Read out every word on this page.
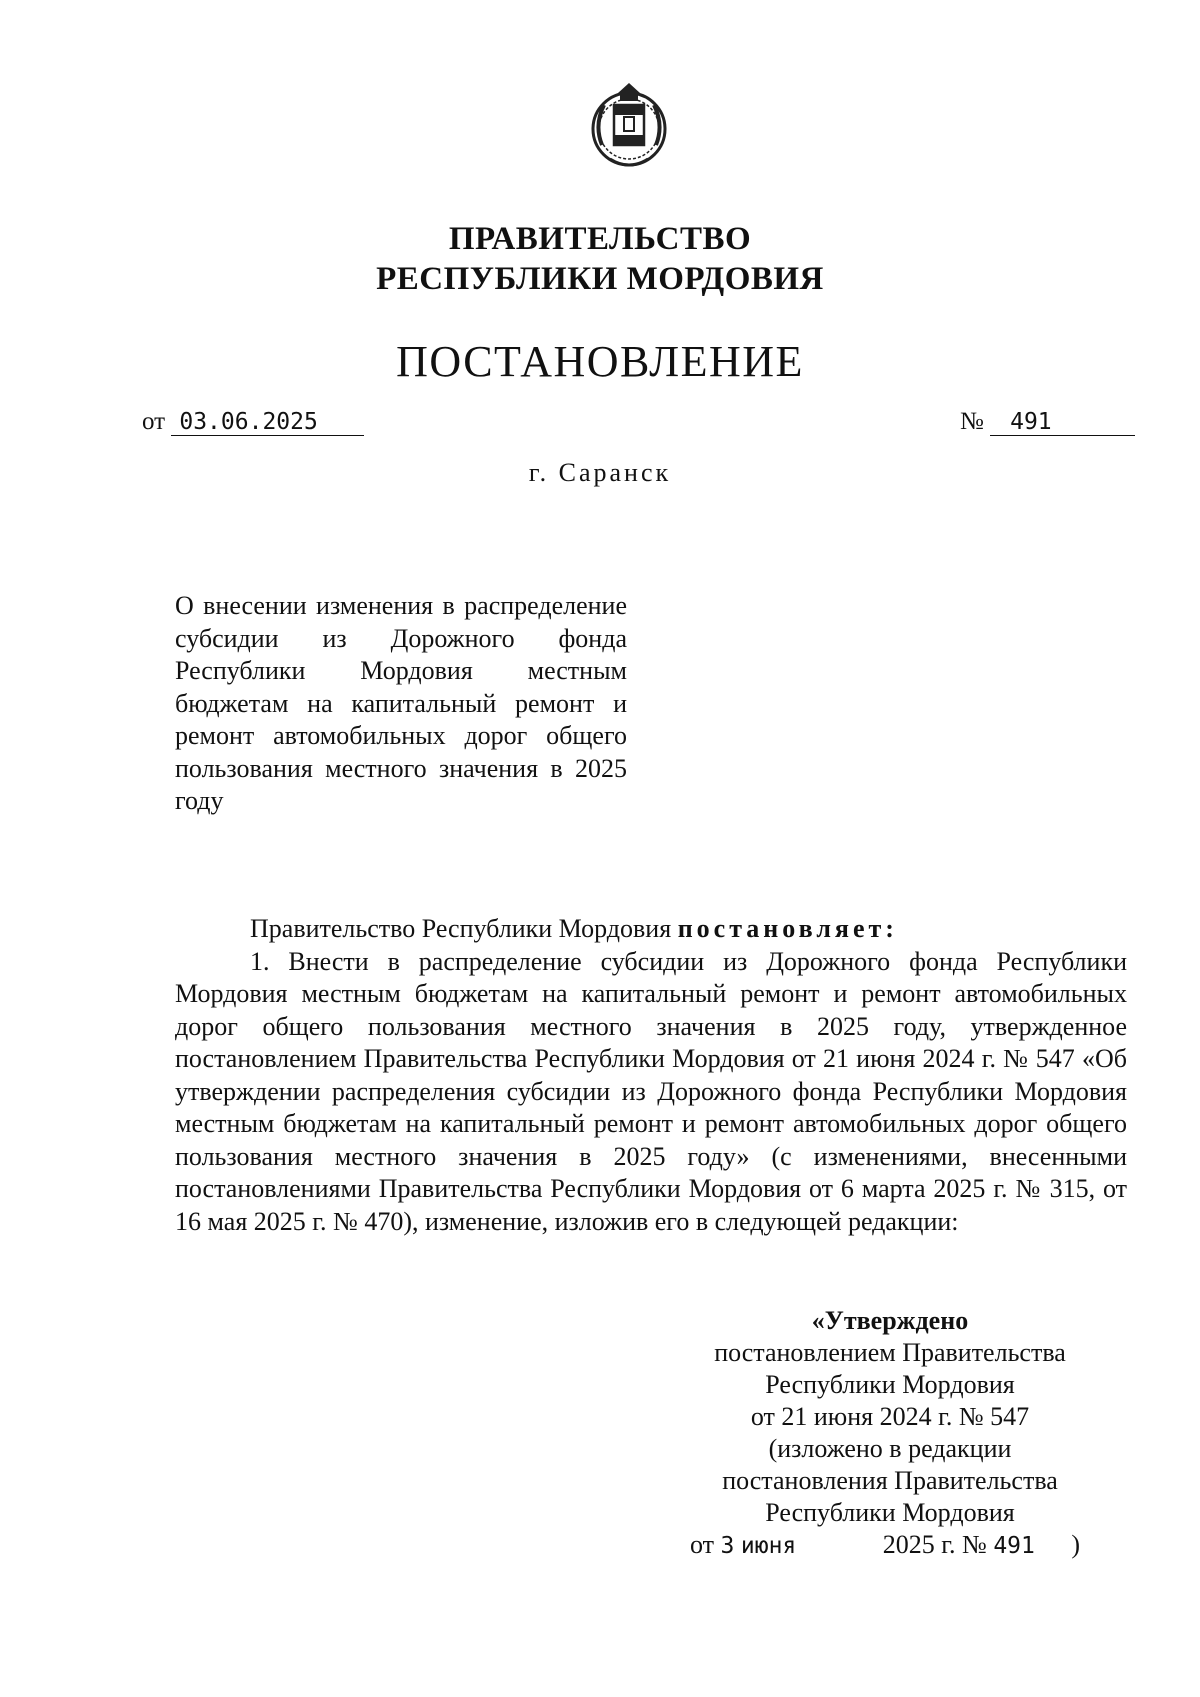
ПРАВИТЕЛЬСТВО
РЕСПУБЛИКИ МОРДОВИЯ
ПОСТАНОВЛЕНИЕ
от 03.06.2025	№ 491
г. Саранск
О внесении изменения в распределение субсидии из Дорожного фонда Республики Мордовия местным бюджетам на капитальный ремонт и ремонт автомобильных дорог общего пользования местного значения в 2025 году
Правительство Республики Мордовия постановляет:
1. Внести в распределение субсидии из Дорожного фонда Республики Мордовия местным бюджетам на капитальный ремонт и ремонт автомобильных дорог общего пользования местного значения в 2025 году, утвержденное постановлением Правительства Республики Мордовия от 21 июня 2024 г. № 547 «Об утверждении распределения субсидии из Дорожного фонда Республики Мордовия местным бюджетам на капитальный ремонт и ремонт автомобильных дорог общего пользования местного значения в 2025 году» (с изменениями, внесенными постановлениями Правительства Республики Мордовия от 6 марта 2025 г. № 315, от 16 мая 2025 г. № 470), изменение, изложив его в следующей редакции:
«Утверждено
постановлением Правительства
Республики Мордовия
от 21 июня 2024 г. № 547
(изложено в редакции
постановления Правительства
Республики Мордовия
от 3 июня	2025 г. № 491 )
